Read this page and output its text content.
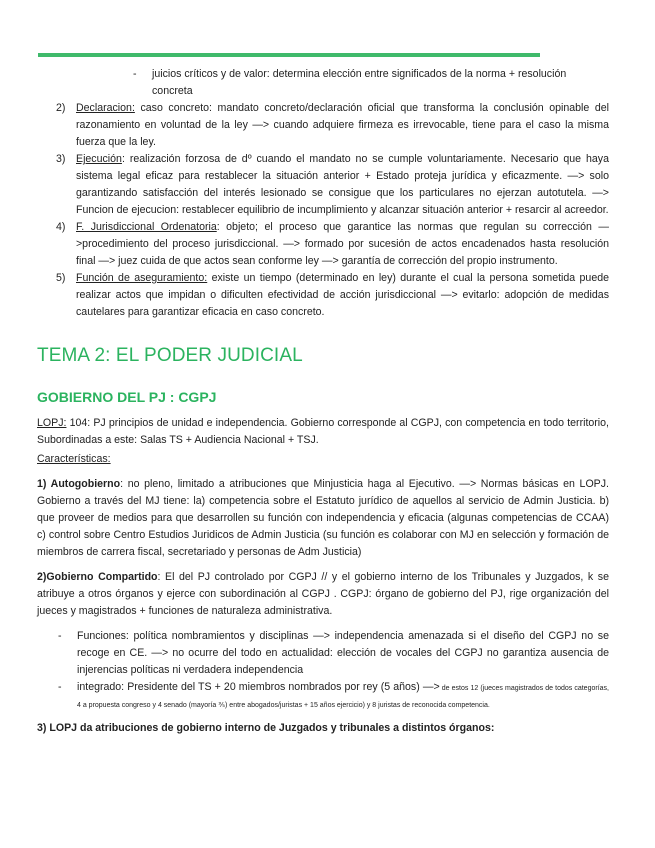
-	juicios críticos y de valor: determina elección entre significados de la norma + resolución concreta
2) Declaracion: caso concreto: mandato concreto/declaración oficial que transforma la conclusión opinable del razonamiento en voluntad de la ley —> cuando adquiere firmeza es irrevocable, tiene para el caso la misma fuerza que la ley.
3) Ejecución: realización forzosa de dº cuando el mandato no se cumple voluntariamente. Necesario que haya sistema legal eficaz para restablecer la situación anterior + Estado proteja jurídica y eficazmente. —> solo garantizando satisfacción del interés lesionado se consigue que los particulares no ejerzan autotutela. —> Funcion de ejecucion: restablecer equilibrio de incumplimiento y alcanzar situación anterior + resarcir al acreedor.
4) F. Jurisdiccional Ordenatoria: objeto; el proceso que garantice las normas que regulan su corrección —>procedimiento del proceso jurisdiccional. —> formado por sucesión de actos encadenados hasta resolución final —> juez cuida de que actos sean conforme ley —> garantía de corrección del propio instrumento.
5) Función de aseguramiento: existe un tiempo (determinado en ley) durante el cual la persona sometida puede realizar actos que impidan o dificulten efectividad de acción jurisdiccional —> evitarlo: adopción de medidas cautelares para garantizar eficacia en caso concreto.
TEMA 2: EL PODER JUDICIAL
GOBIERNO DEL PJ : CGPJ

LOPJ: 104: PJ principios de unidad e independencia. Gobierno corresponde al CGPJ, con competencia en todo territorio, Subordinadas a este: Salas TS + Audiencia Nacional + TSJ.

Características:

1) Autogobierno: no pleno, limitado a atribuciones que Minjusticia haga al Ejecutivo. —> Normas básicas en LOPJ. Gobierno a través del MJ tiene: la) competencia sobre el Estatuto jurídico de aquellos al servicio de Admin Justicia. b) que proveer de medios para que desarrollen su función con independencia y eficacia (algunas competencias de CCAA) c) control sobre Centro Estudios Juridicos de Admin Justicia (su función es colaborar con MJ en selección y formación de miembros de carrera fiscal, secretariado y personas de Adm Justicia)

2)Gobierno Compartido: El del PJ controlado por CGPJ // y el gobierno interno de los Tribunales y Juzgados, k se atribuye a otros órganos y ejerce con subordinación al CGPJ . CGPJ: órgano de gobierno del PJ, rige organización del jueces y magistrados + funciones de naturaleza administrativa.

-	Funciones: política nombramientos y disciplinas —> independencia amenazada si el diseño del CGPJ no se recoge en CE. —> no ocurre del todo en actualidad: elección de vocales del CGPJ no garantiza ausencia de injerencias políticas ni verdadera independencia
-	integrado: Presidente del TS + 20 miembros nombrados por rey (5 años) —> de estos 12 (jueces magistrados de todos categorías, 4 a propuesta congreso y 4 senado (mayoría ⅗) entre abogados/juristas + 15 años ejercicio) y 8 juristas de reconocida competencia.

3) LOPJ da atribuciones de gobierno interno de Juzgados y tribunales a distintos órganos:
